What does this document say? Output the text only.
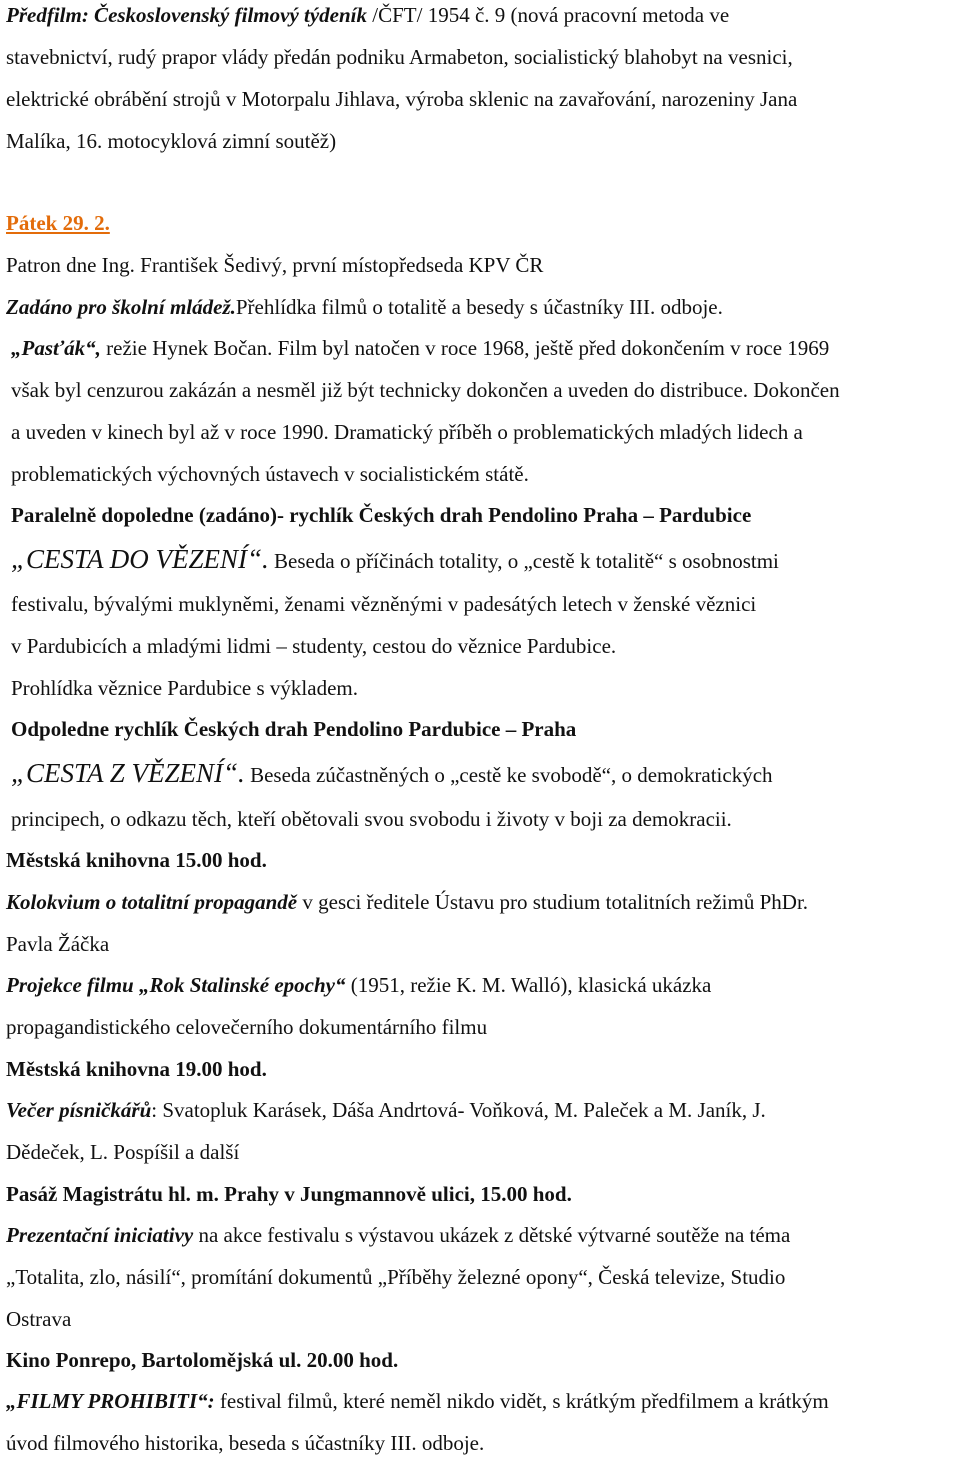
Předfilm: Československý filmový týdeník /ČFT/ 1954 č. 9 (nová pracovní metoda ve
stavebnictví, rudý prapor vlády předán podniku Armabeton, socialistický blahobyt na vesnici,
elektrické obrábění strojů v Motorpalu Jihlava, výroba sklenic na zavařování, narozeniny Jana
Malíka, 16. motocyklová zimní soutěž)
Pátek 29. 2.
Patron dne Ing. František Šedivý, první místopředseda KPV ČR
Zadáno pro školní mládež.Přehlídka filmů o totalitě a besedy s účastníky III. odboje.
„Pasťák“, režie Hynek Bočan. Film byl natočen v roce 1968, ještě před dokončením v roce 1969
však byl cenzurou zakázán a nesměl již být technicky dokončen a uveden do distribuce. Dokončen
a uveden v kinech byl až v roce 1990. Dramatický příběh o problematických mladých lidech a
problematických výchovných ústavech v socialistickém státě.
Paralelně dopoledne (zadáno)- rychlík Českých drah Pendolino Praha – Pardubice
„CESTA DO VĚZENÍ“. Beseda o příčinách totality, o „cestě k totalitě“ s osobnostmi
festivalu, bývalými muklyněmi, ženami vězněnými v padesátých letech v ženské věznici
v Pardubicích a mladými lidmi – studenty, cestou do věznice Pardubice.
Prohlídka věznice Pardubice s výkladem.
Odpoledne rychlík Českých drah Pendolino Pardubice – Praha
„CESTA Z VĚZENÍ“. Beseda zúčastněných o „cestě ke svobodě“, o demokratických
principech, o odkazu těch, kteří obětovali svou svobodu i životy v boji za demokracii.
Městská knihovna 15.00 hod.
Kolokvium o totalitní propagandě v gesci ředitele Ústavu pro studium totalitních režimů PhDr.
Pavla Žáčka
Projekce filmu „Rok Stalinské epochy“ (1951, režie K. M. Walló), klasická ukázka
propagandistického celovečerního dokumentárního filmu
Městská knihovna 19.00 hod.
Večer písničkářů: Svatopluk Karásek, Dáša Andrtová- Voňková, M. Paleček a M. Janík, J.
Dědeček, L. Pospíšil a další
Pasáž Magistrátu hl. m. Prahy v Jungmannově ulici, 15.00 hod.
Prezentační iniciativy na akce festivalu s výstavou ukázek z dětské výtvarné soutěže na téma
„Totalita, zlo, násilí“, promítání dokumentů „Příběhy železné opony“, Česká televize, Studio
Ostrava
Kino Ponrepo, Bartolomějská ul. 20.00 hod.
„FILMY PROHIBITI“: festival filmů, které neměl nikdo vidět, s krátkým předfilmem a krátkým
úvod filmového historika, beseda s účastníky III. odboje.
